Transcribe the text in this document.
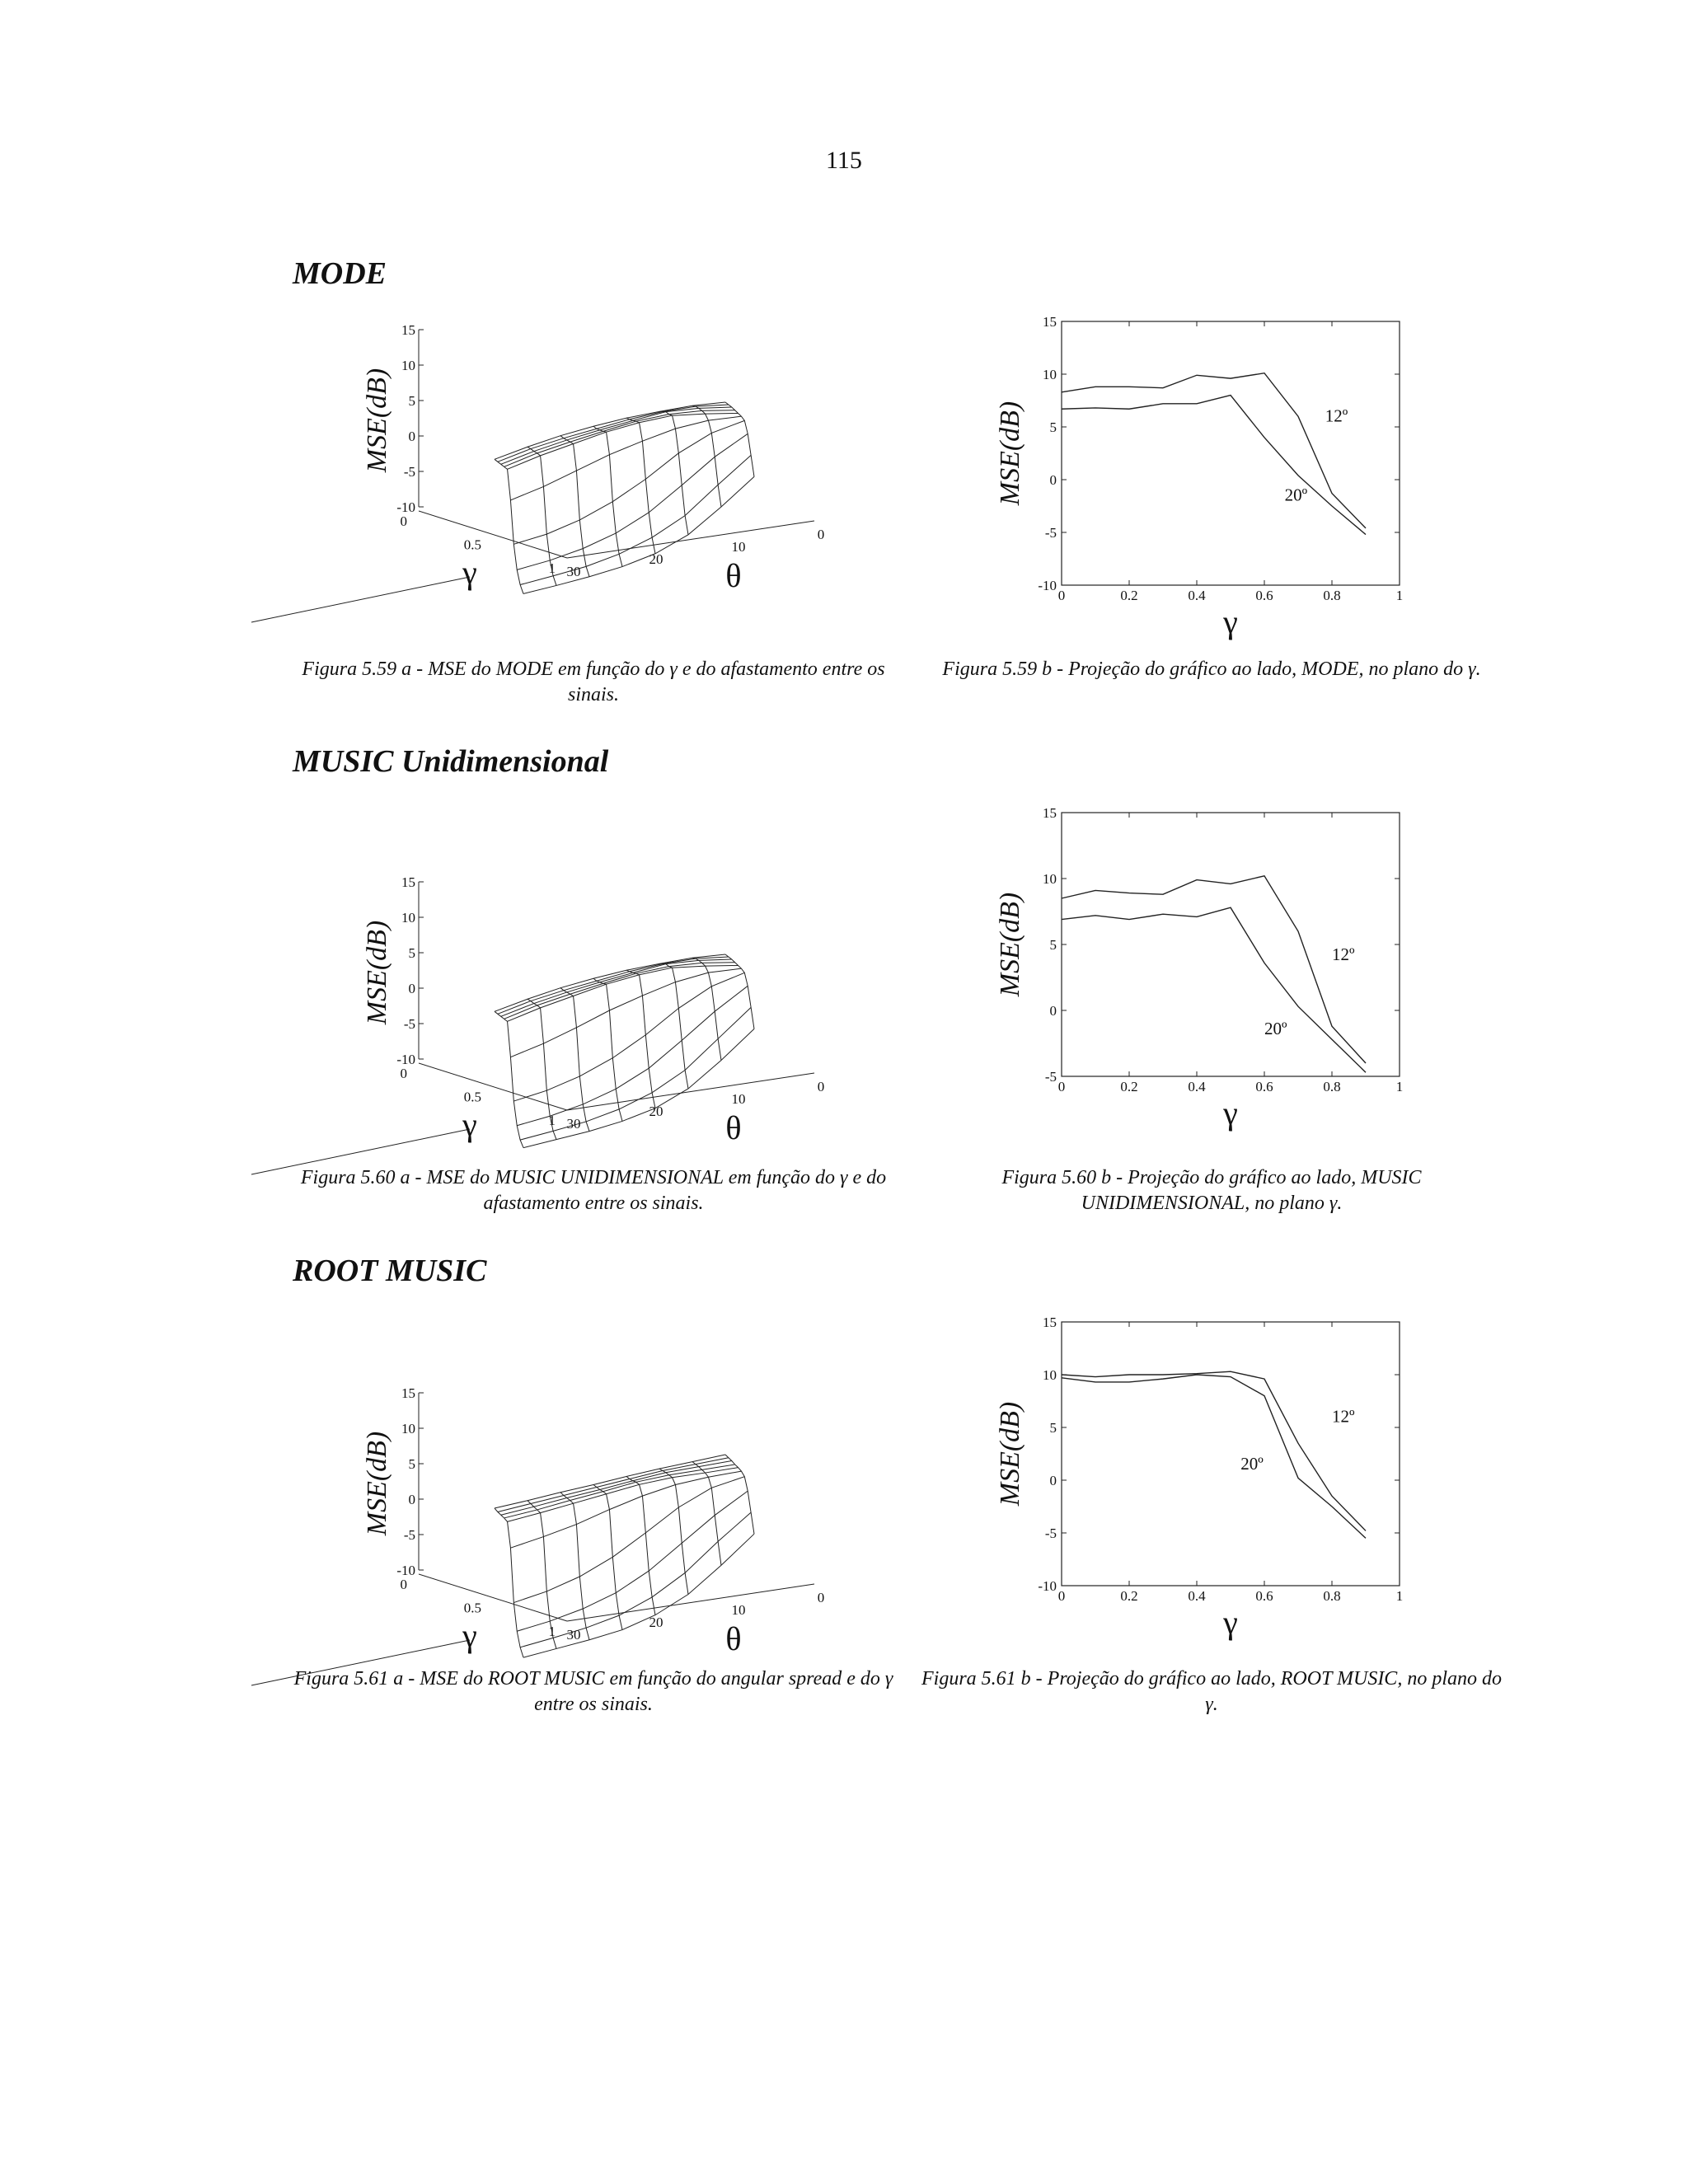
115
MODE
15
10
5
0
-5
-10
0
0.5
1 30
20
10
0
MSE(dB)
γ	θ
0	0.2	0.4	0.6	0.8	1
-10
-5
0
5
10
15
12º
20º
MSE(dB)
γ
Figura 5.59 a - MSE do MODE em função do γ e do afastamento entre os sinais.
Figura 5.59 b - Projeção do gráfico ao lado, MODE, no plano do γ.
MUSIC Unidimensional
15
10
5
0
-5
-10
0
0.5
1 30
20
10
0
MSE(dB)
γ	θ
0	0.2	0.4	0.6	0.8	1
-5
0
5
10
15
12º
20º
MSE(dB)
γ
Figura 5.60 a - MSE do MUSIC UNIDIMENSIONAL em função do γ e do afastamento entre os sinais.
Figura 5.60 b - Projeção do gráfico ao lado, MUSIC UNIDIMENSIONAL, no plano γ.
ROOT MUSIC
15
10
5
0
-5
-10
0
0.5
1 30
20
10
0
MSE(dB)
γ	θ
0	0.2	0.4	0.6	0.8	1
-10
-5
0
5
10
15
12º
20º
MSE(dB)
γ
Figura 5.61 a - MSE do ROOT MUSIC em função do angular spread e do γ entre os sinais.
Figura 5.61 b - Projeção do gráfico ao lado, ROOT MUSIC, no plano do γ.
